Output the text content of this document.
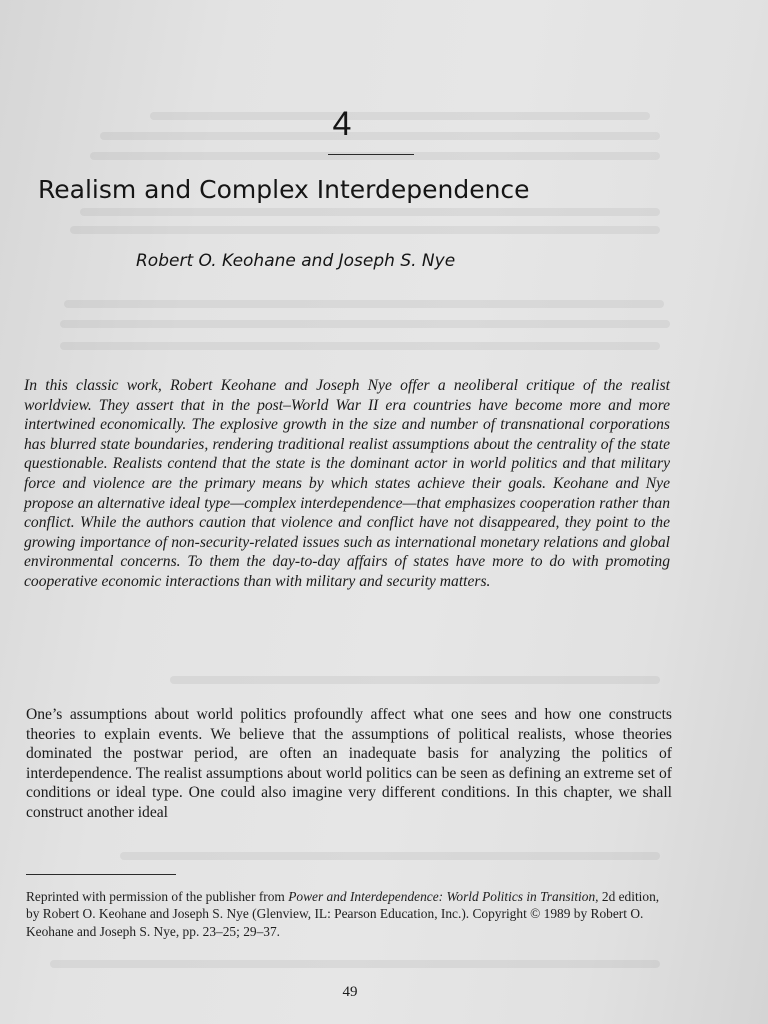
4
Realism and Complex Interdependence
Robert O. Keohane and Joseph S. Nye

In this classic work, Robert Keohane and Joseph Nye offer a neoliberal critique of the realist worldview. They assert that in the post–World War II era countries have become more and more intertwined economically. The explosive growth in the size and number of transnational corporations has blurred state boundaries, rendering traditional realist assumptions about the centrality of the state questionable. Realists contend that the state is the dominant actor in world politics and that military force and violence are the primary means by which states achieve their goals. Keohane and Nye propose an alternative ideal type—complex interdependence—that emphasizes cooperation rather than conflict. While the authors caution that violence and conflict have not disappeared, they point to the growing importance of non-security-related issues such as international monetary relations and global environmental concerns. To them the day-to-day affairs of states have more to do with promoting cooperative economic interactions than with military and security matters.

One’s assumptions about world politics profoundly affect what one sees and how one constructs theories to explain events. We believe that the assumptions of political realists, whose theories dominated the postwar period, are often an inadequate basis for analyzing the politics of interdependence. The realist assumptions about world politics can be seen as defining an extreme set of conditions or ideal type. One could also imagine very different conditions. In this chapter, we shall construct another ideal

Reprinted with permission of the publisher from Power and Interdependence: World Politics in Transition, 2d edition, by Robert O. Keohane and Joseph S. Nye (Glenview, IL: Pearson Education, Inc.). Copyright © 1989 by Robert O. Keohane and Joseph S. Nye, pp. 23–25; 29–37.

49
